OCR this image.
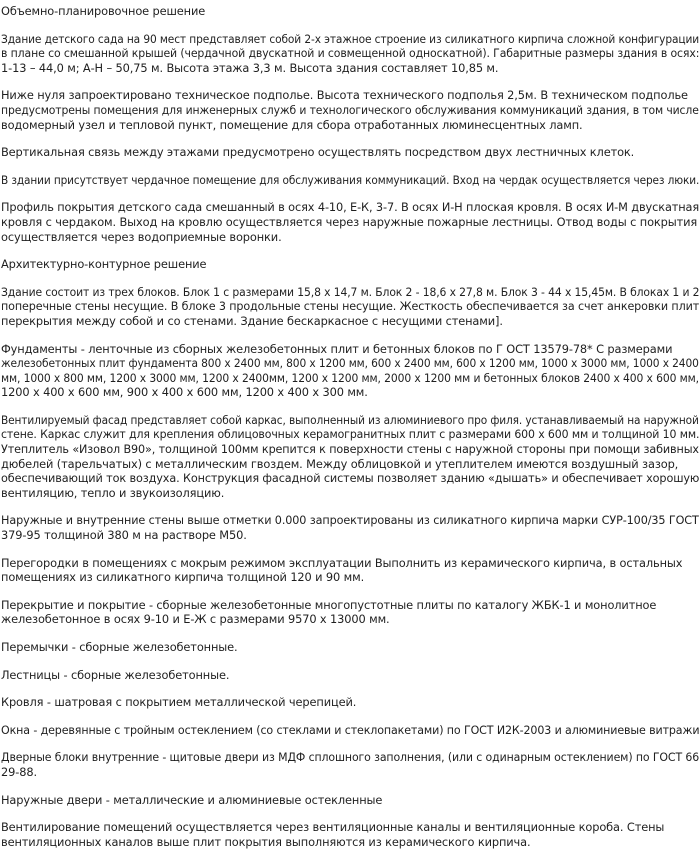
Объемно-планировочное решение

Здание детского сада на 90 мест представляет собой 2-х этажное строение из силикатного кирпича сложной конфигурации
в плане со смешанной крышей (чердачной двускатной и совмещенной односкатной). Габаритные размеры здания в осях:
1-13 – 44,0 м; А-Н – 50,75 м. Высота этажа 3,3 м. Высота здания составляет 10,85 м.

Ниже нуля запроектировано техническое подполье. Высота технического подполья 2,5м. В техническом подполье
предусмотрены помещения для инженерных служб и технологического обслуживания коммуникаций здания, в том числе
водомерный узел и тепловой пункт, помещение для сбора отработанных люминесцентных ламп.

Вертикальная связь между этажами предусмотрено осуществлять посредством двух лестничных клеток.

В здании присутствует чердачное помещение для обслуживания коммуникаций. Вход на чердак осуществляется через люки.

Профиль покрытия детского сада смешанный в осях 4-10, Е-К, 3-7. В осях И-Н плоская кровля. В осях И-М двускатная
кровля с чердаком. Выход на кровлю осуществляется через наружные пожарные лестницы. Отвод воды с покрытия
осуществляется через водоприемные воронки.

Архитектурно-контурное решение

Здание состоит из трех блоков. Блок 1 с размерами 15,8 х 14,7 м. Блок 2 - 18,6 х 27,8 м. Блок 3 - 44 х 15,45м. В блоках 1 и 2
поперечные стены несущие. В блоке 3 продольные стены несущие. Жесткость обеспечивается за счет анкеровки плит
перекрытия между собой и со стенами. Здание бескаркасное с несущими стенами].

Фундаменты - ленточные из сборных железобетонных плит и бетонных блоков по Г ОСТ 13579-78* С размерами
железобетонных плит фундамента 800 х 2400 мм, 800 х 1200 мм, 600 х 2400 мм, 600 х 1200 мм, 1000 х 3000 мм, 1000 х 2400
мм, 1000 х 800 мм, 1200 х 3000 мм, 1200 х 2400мм, 1200 х 1200 мм, 2000 х 1200 мм и бетонных блоков 2400 х 400 х 600 мм,
1200 х 400 х 600 мм, 900 х 400 х 600 мм, 1200 х 400 х 300 мм.

Вентилируемый фасад представляет собой каркас, выполненный из алюминиевого про филя. устанавливаемый на наружной
стене. Каркас служит для крепления облицовочных керамогранитных плит с размерами 600 х 600 мм и толщиной 10 мм.
Утеплитель «Изовол В90», толщиной 100мм крепится к поверхности стены с наружной стороны при помощи забивных
дюбелей (тарельчатых) с металлическим гвоздем. Между облицовкой и утеплителем имеются воздушный зазор,
обеспечивающий ток воздуха. Конструкция фасадной системы позволяет зданию «дышать» и обеспечивает хорошую
вентиляцию, тепло и звукоизоляцию.

Наружные и внутренние стены выше отметки 0.000 запроектированы из силикатного кирпича марки СУР-100/35 ГОСТ
379-95 толщиной 380 м на растворе М50.

Перегородки в помещениях с мокрым режимом эксплуатации Выполнить из керамического кирпича, в остальных
помещениях из силикатного кирпича толщиной 120 и 90 мм.

Перекрытие и покрытие - сборные железобетонные многопустотные плиты по каталогу ЖБК-1 и монолитное
железобетонное в осях 9-10 и Е-Ж с размерами 9570 х 13000 мм.

Перемычки - сборные железобетонные.

Лестницы - сборные железобетонные.

Кровля - шатровая с покрытием металлической черепицей.

Окна - деревянные с тройным остеклением (со стеклами и стеклопакетами) по ГОСТ И2К-2003 и алюминиевые витражи

Дверные блоки внутренние - щитовые двери из МДФ сплошного заполнения, (или с одинарным остеклением) по ГОСТ 66
29-88.

Наружные двери - металлические и алюминиевые остекленные

Вентилирование помещений осуществляется через вентиляционные каналы и вентиляционные короба. Стены
вентиляционных каналов выше плит покрытия выполняются из керамического кирпича.
